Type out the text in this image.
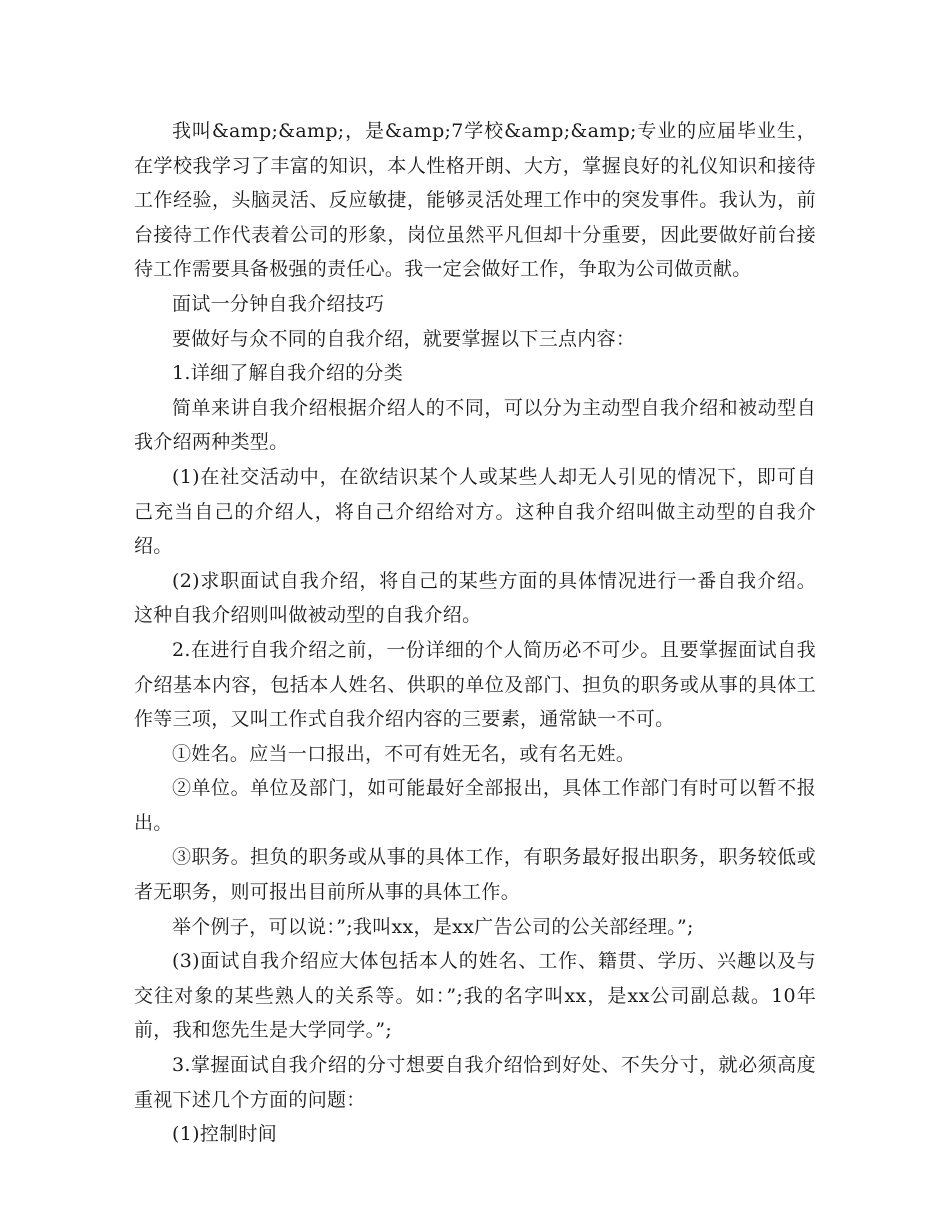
我叫&amp;&amp;，是&amp;7学校&amp;&amp;专业的应届毕业生，在学校我学习了丰富的知识，本人性格开朗、大方，掌握良好的礼仪知识和接待工作经验，头脑灵活、反应敏捷，能够灵活处理工作中的突发事件。我认为，前台接待工作代表着公司的形象，岗位虽然平凡但却十分重要，因此要做好前台接待工作需要具备极强的责任心。我一定会做好工作，争取为公司做贡献。

面试一分钟自我介绍技巧

要做好与众不同的自我介绍，就要掌握以下三点内容：

1.详细了解自我介绍的分类

简单来讲自我介绍根据介绍人的不同，可以分为主动型自我介绍和被动型自我介绍两种类型。

(1)在社交活动中，在欲结识某个人或某些人却无人引见的情况下，即可自己充当自己的介绍人，将自己介绍给对方。这种自我介绍叫做主动型的自我介绍。

(2)求职面试自我介绍，将自己的某些方面的具体情况进行一番自我介绍。这种自我介绍则叫做被动型的自我介绍。

2.在进行自我介绍之前，一份详细的个人简历必不可少。且要掌握面试自我介绍基本内容，包括本人姓名、供职的单位及部门、担负的职务或从事的具体工作等三项，又叫工作式自我介绍内容的三要素，通常缺一不可。

①姓名。应当一口报出，不可有姓无名，或有名无姓。

②单位。单位及部门，如可能最好全部报出，具体工作部门有时可以暂不报出。

③职务。担负的职务或从事的具体工作，有职务最好报出职务，职务较低或者无职务，则可报出目前所从事的具体工作。

举个例子，可以说：”;我叫xx，是xx广告公司的公关部经理。”;

(3)面试自我介绍应大体包括本人的姓名、工作、籍贯、学历、兴趣以及与交往对象的某些熟人的关系等。如：”;我的名字叫xx，是xx公司副总裁。10年前，我和您先生是大学同学。”;

3.掌握面试自我介绍的分寸想要自我介绍恰到好处、不失分寸，就必须高度重视下述几个方面的问题：

(1)控制时间
